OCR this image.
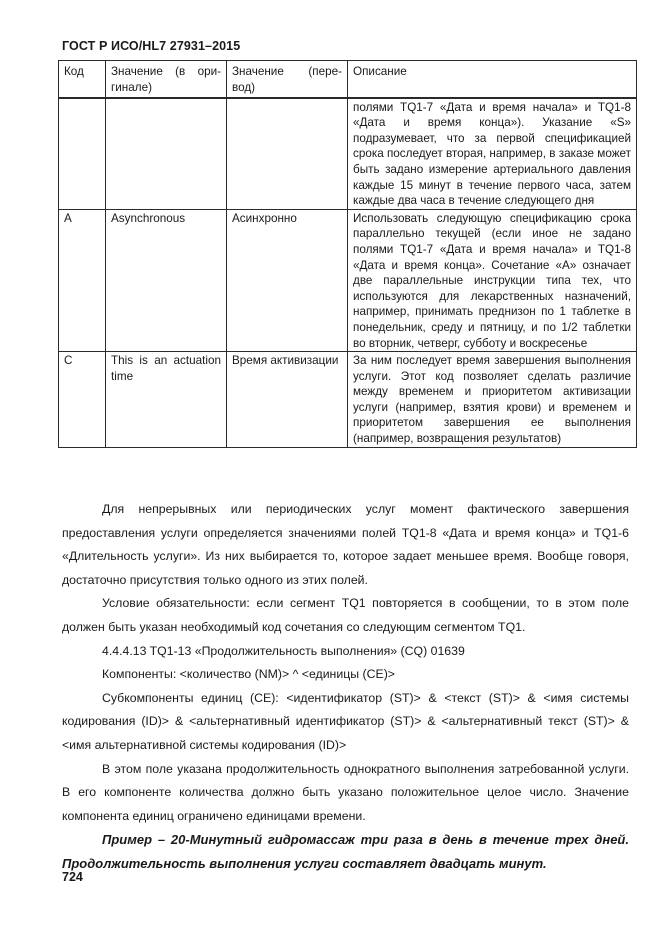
ГОСТ Р ИСО/HL7 27931–2015
Код	Значение (в ори-гинале)	Значение (пере-вод)	Описание
			полями TQ1-7 «Дата и время начала» и TQ1-8 «Дата и время конца»). Указание «S» подразумевает, что за первой спецификацией срока последует вторая, например, в заказе может быть задано измерение артериального давления каждые 15 минут в течение первого часа, затем каждые два часа в течение следующего дня
A	Asynchronous	Асинхронно	Использовать следующую спецификацию срока параллельно текущей (если иное не задано полями TQ1-7 «Дата и время начала» и TQ1-8 «Дата и время конца». Сочетание «A» означает две параллельные инструкции типа тех, что используются для лекарственных назначений, например, принимать преднизон по 1 таблетке в понедельник, среду и пятницу, и по 1/2 таблетки во вторник, четверг, субботу и воскресенье
C	This is an actuation time	Время активизации	За ним последует время завершения выполнения услуги. Этот код позволяет сделать различие между временем и приоритетом активизации услуги (например, взятия крови) и временем и приоритетом завершения ее выполнения (например, возвращения результатов)

Для непрерывных или периодических услуг момент фактического завершения предоставления услуги определяется значениями полей TQ1-8 «Дата и время конца» и TQ1-6 «Длительность услуги». Из них выбирается то, которое задает меньшее время. Вообще говоря, достаточно присутствия только одного из этих полей.

Условие обязательности: если сегмент TQ1 повторяется в сообщении, то в этом поле должен быть указан необходимый код сочетания со следующим сегментом TQ1.

4.4.4.13 TQ1-13 «Продолжительность выполнения» (CQ) 01639

Компоненты: <количество (NM)> ^ <единицы (CE)>

Субкомпоненты единиц (CE): <идентификатор (ST)> & <текст (ST)> & <имя системы кодирования (ID)> & <альтернативный идентификатор (ST)> & <альтернативный текст (ST)> & <имя альтернативной системы кодирования (ID)>

В этом поле указана продолжительность однократного выполнения затребованной услуги. В его компоненте количества должно быть указано положительное целое число. Значение компонента единиц ограничено единицами времени.

Пример – 20-Минутный гидромассаж три раза в день в течение трех дней. Продолжительность выполнения услуги составляет двадцать минут.

724
